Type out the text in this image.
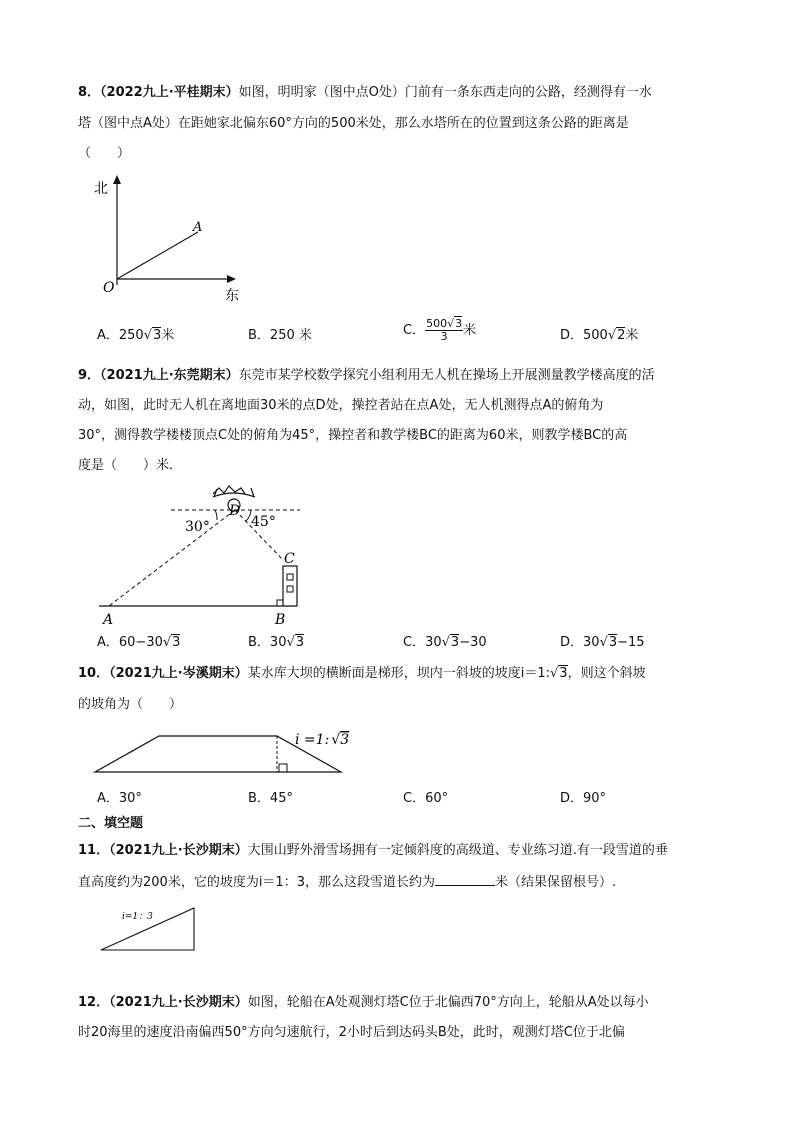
8．（2022九上·平桂期末）如图，明明家（图中点O处）门前有一条东西走向的公路，经测得有一水
塔（图中点A处）在距她家北偏东60°方向的500米处，那么水塔所在的位置到这条公路的距离是
（　　）
北
东
O
A
A．250√3米	B．250 米	C． $\frac{500√3}{3}$ 米	D．500√2米
9．（2021九上·东莞期末）东莞市某学校数学探究小组利用无人机在操场上开展测量教学楼高度的活
动，如图，此时无人机在离地面30米的点D处，操控者站在点A处，无人机测得点A的俯角为
30°，测得教学楼楼顶点C处的俯角为45°，操控者和教学楼BC的距离为60米，则教学楼BC的高
度是（　　）米．
D
30°	45°
C
A	B
A．60−30√3	B．30√3	C．30√3−30	D．30√3−15
10．（2021九上·岑溪期末）某水库大坝的横断面是梯形，坝内一斜坡的坡度i＝1:√3，则这个斜坡
的坡角为（　　）
i =1: √3
A．30°	B．45°	C．60°	D．90°
二、填空题
11．（2021九上·长沙期末）大围山野外滑雪场拥有一定倾斜度的高级道、专业练习道.有一段雪道的垂
直高度约为200米，它的坡度为i＝1：3，那么这段雪道长约为	米（结果保留根号）.
i=1：3
12．（2021九上·长沙期末）如图，轮船在A处观测灯塔C位于北偏西70°方向上，轮船从A处以每小
时20海里的速度沿南偏西50°方向匀速航行，2小时后到达码头B处，此时，观测灯塔C位于北偏
